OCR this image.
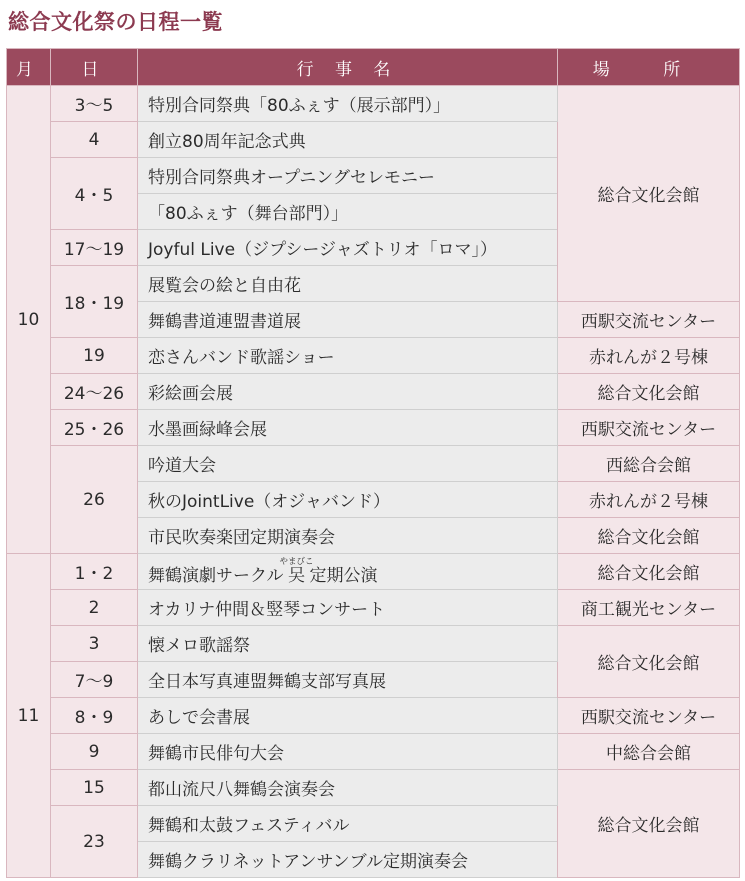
総合文化祭の日程一覧
月	日	行 事 名	場 所
10	3～5	特別合同祭典「80ふぇす（展示部門）」	総合文化会館
	4	創立80周年記念式典	
	4・5	特別合同祭典オープニングセレモニー	
		「80ふぇす（舞台部門）」	
	17～19	Joyful Live（ジプシージャズトリオ「ロマ」）	
	18・19	展覧会の絵と自由花	
		舞鶴書道連盟書道展	西駅交流センター
	19	恋さんバンド歌謡ショー	赤れんが２号棟
	24～26	彩絵画会展	総合文化会館
	25・26	水墨画緑峰会展	西駅交流センター
	26	吟道大会	西総合会館
		秋のJointLive（オジャバンド）	赤れんが２号棟
		市民吹奏楽団定期演奏会	総合文化会館
11	1・2	舞鶴演劇サークル㕦やまびこ定期公演	総合文化会館
	2	オカリナ仲間＆竪琴コンサート	商工観光センター
	3	懐メロ歌謡祭	総合文化会館
	7～9	全日本写真連盟舞鶴支部写真展	
	8・9	あしで会書展	西駅交流センター
	9	舞鶴市民俳句大会	中総合会館
	15	都山流尺八舞鶴会演奏会	総合文化会館
	23	舞鶴和太鼓フェスティバル	
		舞鶴クラリネットアンサンブル定期演奏会	
